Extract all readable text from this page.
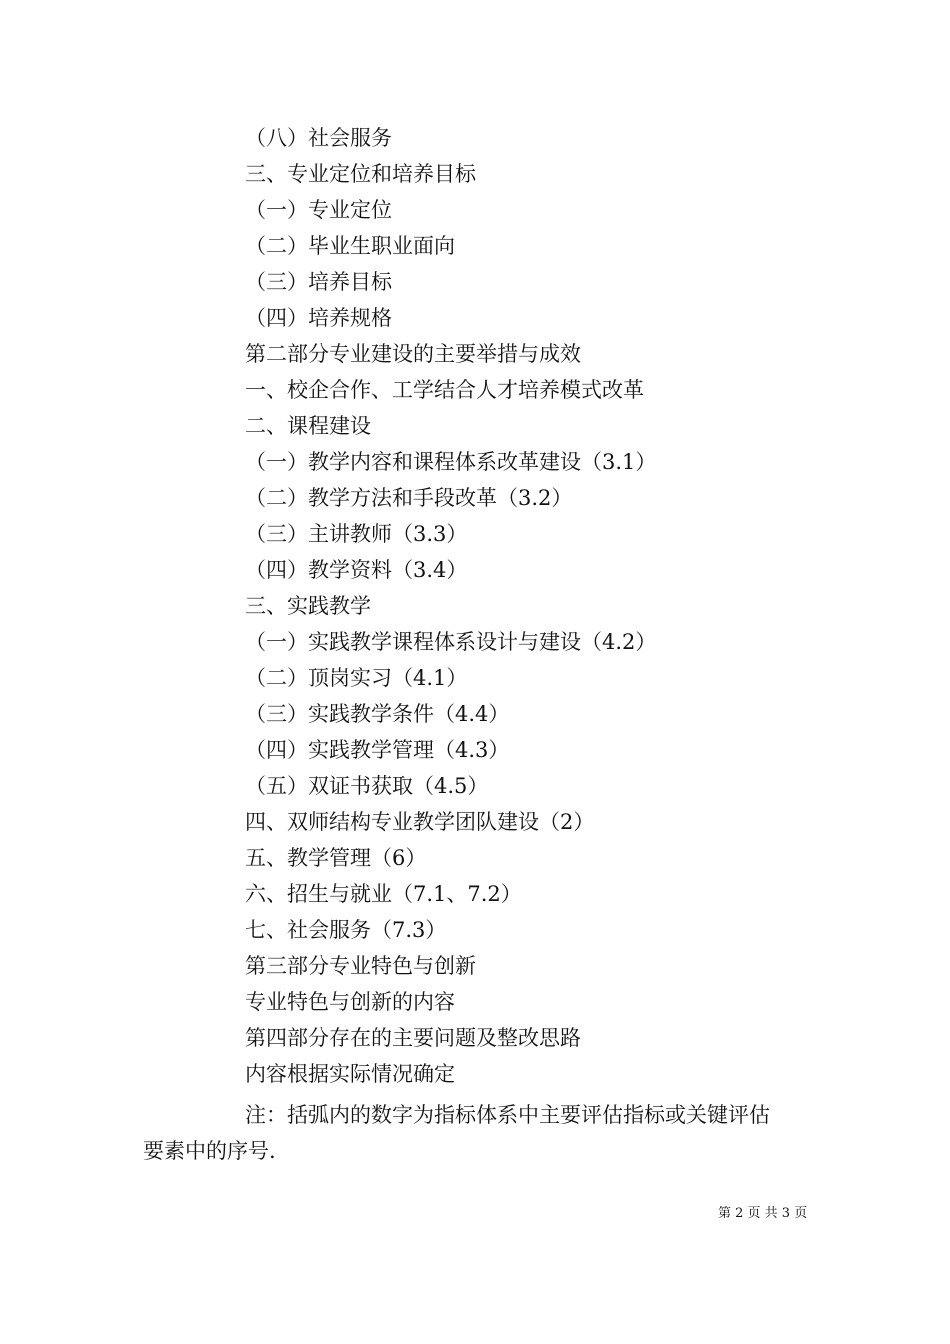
（八）社会服务
三、专业定位和培养目标
（一）专业定位
（二）毕业生职业面向
（三）培养目标
（四）培养规格
第二部分专业建设的主要举措与成效
一、校企合作、工学结合人才培养模式改革
二、课程建设
（一）教学内容和课程体系改革建设（3.1）
（二）教学方法和手段改革（3.2）
（三）主讲教师（3.3）
（四）教学资料（3.4）
三、实践教学
（一）实践教学课程体系设计与建设（4.2）
（二）顶岗实习（4.1）
（三）实践教学条件（4.4）
（四）实践教学管理（4.3）
（五）双证书获取（4.5）
四、双师结构专业教学团队建设（2）
五、教学管理（6）
六、招生与就业（7.1、7.2）
七、社会服务（7.3）
第三部分专业特色与创新
专业特色与创新的内容
第四部分存在的主要问题及整改思路
内容根据实际情况确定
注：括弧内的数字为指标体系中主要评估指标或关键评估
要素中的序号.
第 2 页 共 3 页
